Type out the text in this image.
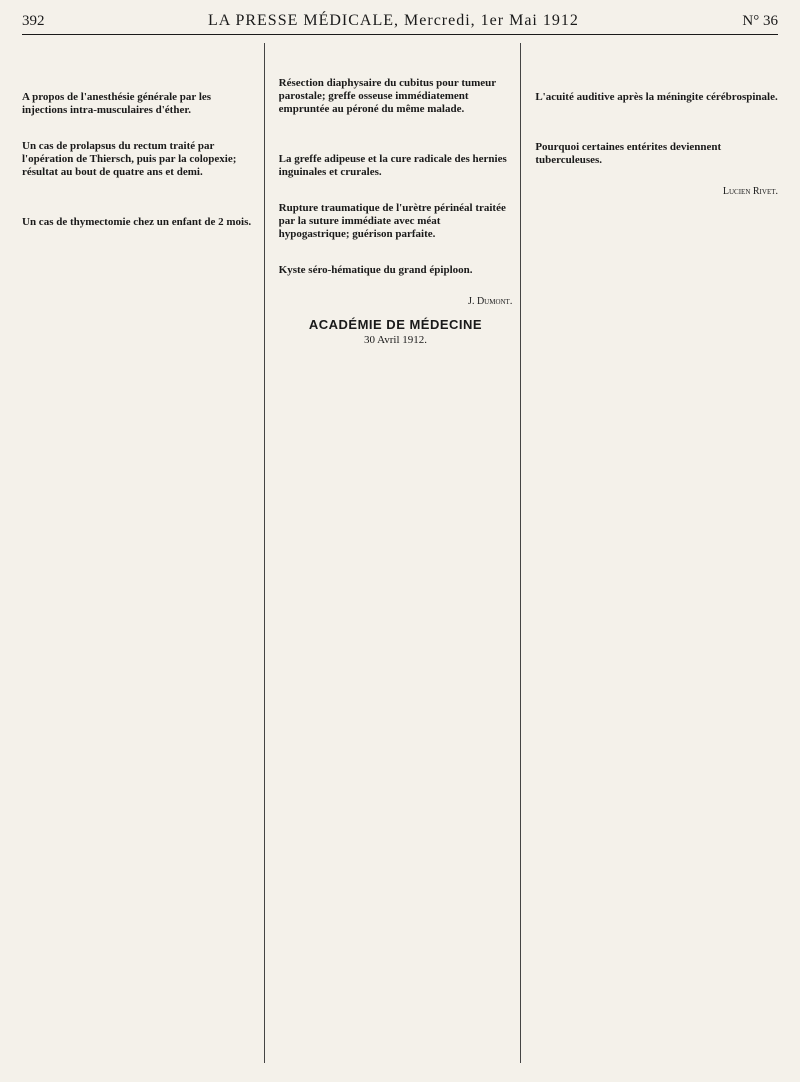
392	LA PRESSE MÉDICALE, Mercredi, 1er Mai 1912	N° 36

A propos de l'anesthésie générale par les injections intra-musculaires d'éther.

Un cas de prolapsus du rectum traité par l'opération de Thiersch, puis par la colopexie; résultat au bout de quatre ans et demi.

Un cas de thymectomie chez un enfant de 2 mois.

Résection diaphysaire du cubitus pour tumeur parostale; greffe osseuse immédiatement empruntée au péroné du même malade.

La greffe adipeuse et la cure radicale des hernies inguinales et crurales.

Rupture traumatique de l'urètre périnéal traitée par la suture immédiate avec méat hypogastrique; guérison parfaite.

Kyste séro-hématique du grand épiploon.

J. Dumont.
ACADÉMIE DE MÉDECINE
30 Avril 1912.

L'acuité auditive après la méningite cérébrospinale.

Pourquoi certaines entérites deviennent tuberculeuses.

Lucien Rivet.
